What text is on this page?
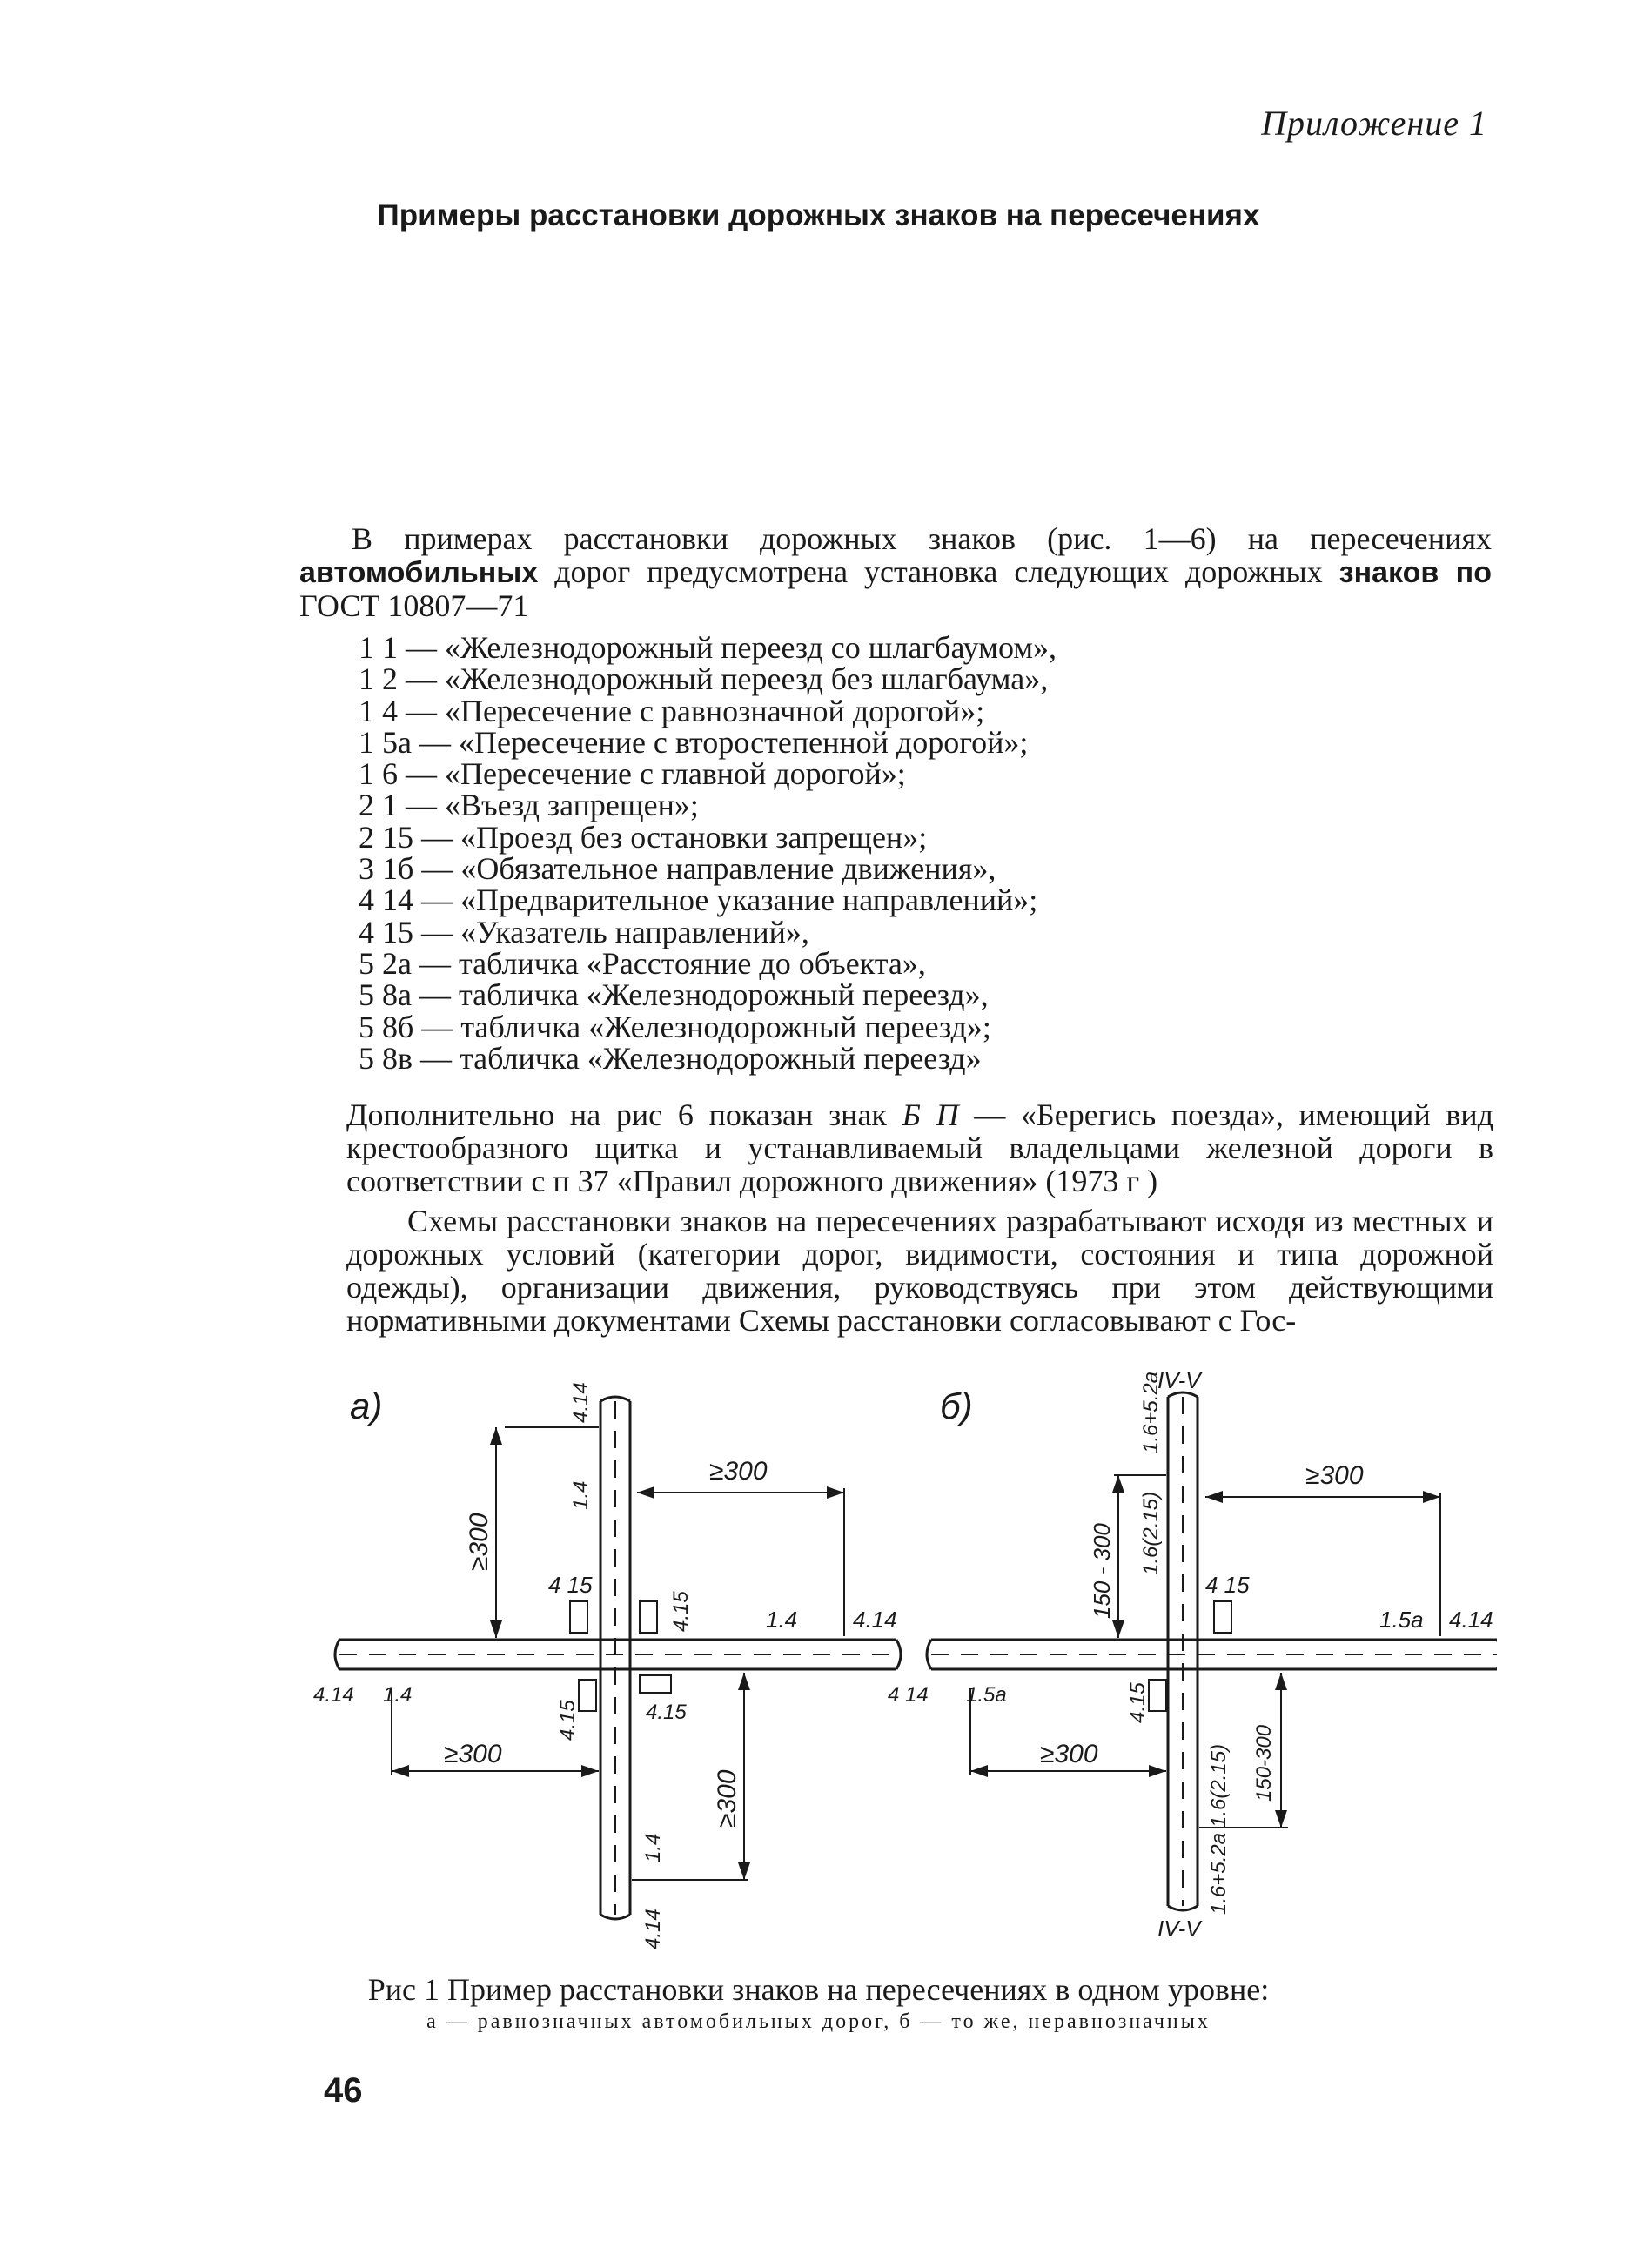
Приложение 1
Примеры расстановки дорожных знаков на пересечениях

В примерах расстановки дорожных знаков (рис. 1—6) на пересечениях автомобильных дорог предусмотрена установка следующих дорожных знаков по ГОСТ 10807—71

1 1 — «Железнодорожный переезд со шлагбаумом»,
1 2 — «Железнодорожный переезд без шлагбаума»,
1 4 — «Пересечение с равнозначной дорогой»;
1 5а — «Пересечение с второстепенной дорогой»;
1 6 — «Пересечение с главной дорогой»;
2 1 — «Въезд запрещен»;
2 15 — «Проезд без остановки запрещен»;
3 1б — «Обязательное направление движения»,
4 14 — «Предварительное указание направлений»;
4 15 — «Указатель направлений»,
5 2а — табличка «Расстояние до объекта»,
5 8а — табличка «Железнодорожный переезд»,
5 8б — табличка «Железнодорожный переезд»;
5 8в — табличка «Железнодорожный переезд»

Дополнительно на рис 6 показан знак Б П — «Берегись поезда», имеющий вид крестообразного щитка и устанавливаемый владельцами железной дороги в соответствии с п 37 «Правил дорожного движения» (1973 г )

Схемы расстановки знаков на пересечениях разрабатывают исходя из местных и дорожных условий (категории дорог, видимости, состояния и типа дорожной одежды), организации движения, руководствуясь при этом действующими нормативными документами Схемы расстановки согласовывают с Гос-

а)
≥300
4.14
1.4
≥300
4 15
4.15	1.4 4.14
4.14 1.4
4.15	4.15
≥300
≥300
1.4
4.14
б)
IV-V
1.6+5.2а
1.6(2.15)
150 - 300
≥300
4 15
1.5а 4.14
4 14 1.5а	4.15
≥300	1.6(2.15) 150-300
1.6+5.2а
IV-V
Рис 1 Пример расстановки знаков на пересечениях в одном уровне:
а — равнозначных автомобильных дорог, б — то же, неравнозначных
46
